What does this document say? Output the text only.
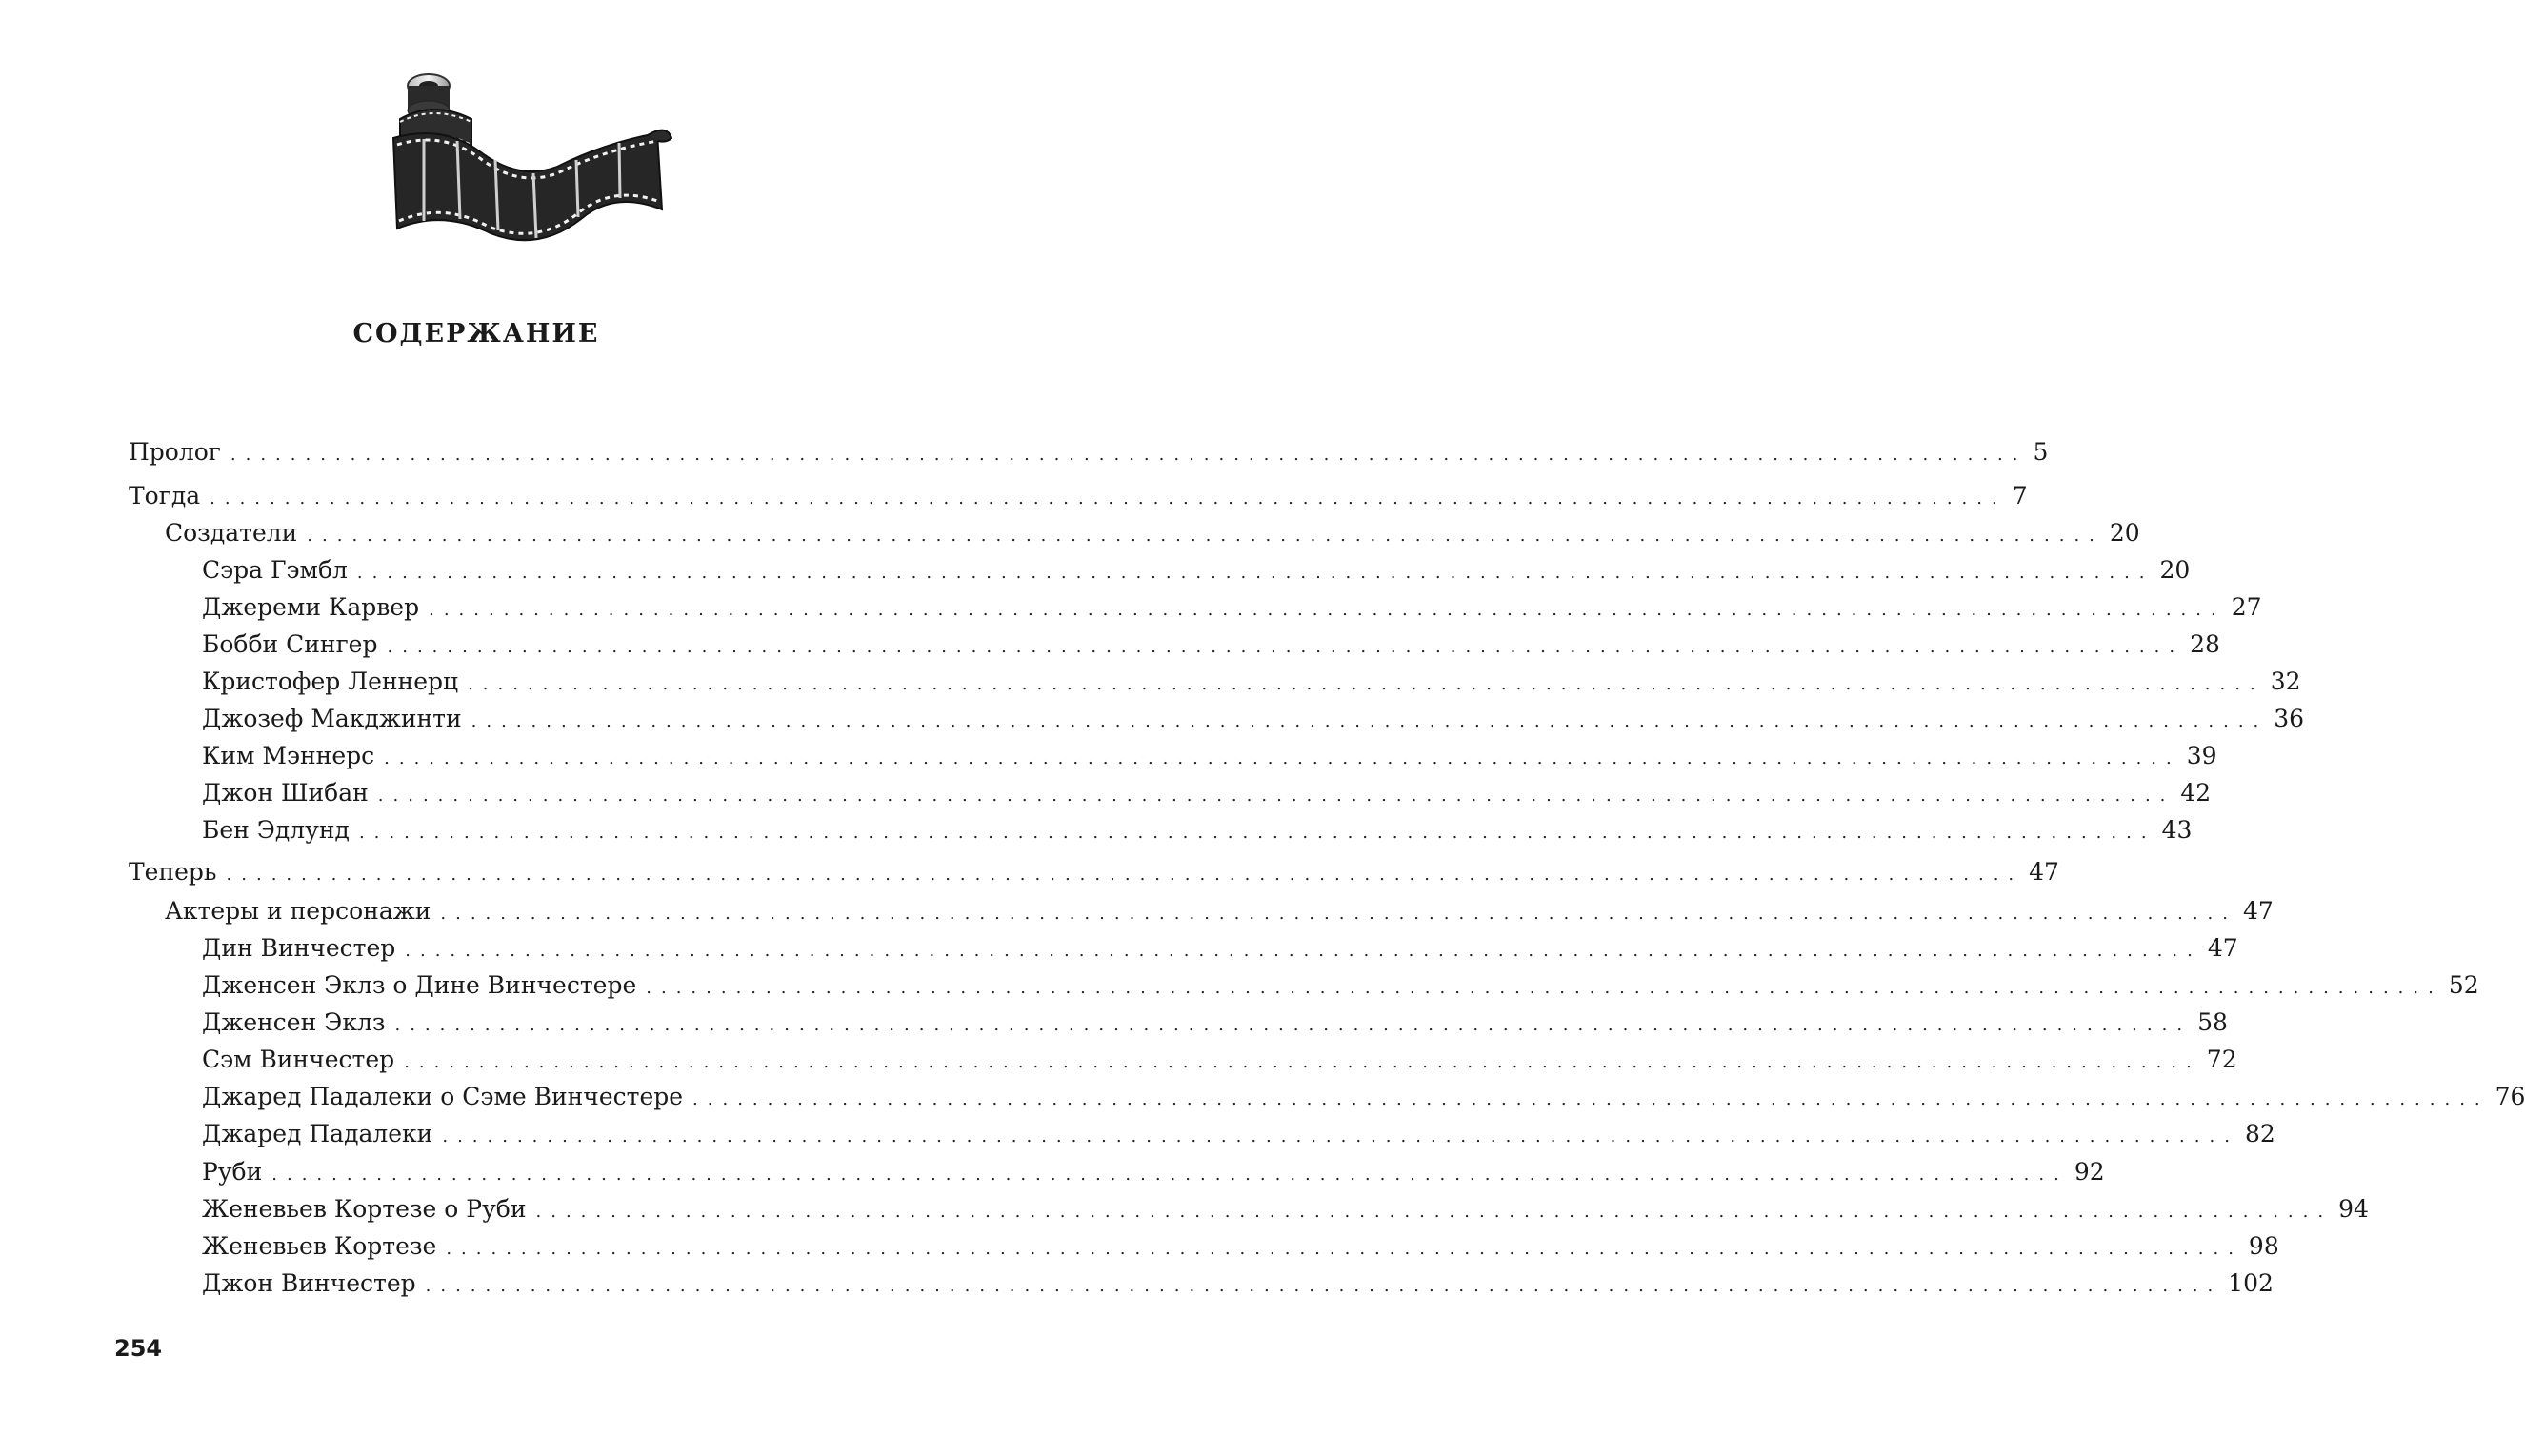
СОДЕРЖАНИЕ
Пролог ........................................................................................................................ 5
Тогда ........................................................................................................................ 7
Создатели ........................................................................................................................ 20
Сэра Гэмбл ........................................................................................................................ 20
Джереми Карвер ........................................................................................................................ 27
Бобби Сингер ........................................................................................................................ 28
Кристофер Леннерц ........................................................................................................................ 32
Джозеф Макджинти ........................................................................................................................ 36
Ким Мэннерс ........................................................................................................................ 39
Джон Шибан ........................................................................................................................ 42
Бен Эдлунд ........................................................................................................................ 43
Теперь ........................................................................................................................ 47
Актеры и персонажи ........................................................................................................................ 47
Дин Винчестер ........................................................................................................................ 47
Дженсен Эклз о Дине Винчестере ........................................................................................................................ 52
Дженсен Эклз ........................................................................................................................ 58
Сэм Винчестер ........................................................................................................................ 72
Джаред Падалеки о Сэме Винчестере ........................................................................................................................ 76
Джаред Падалеки ........................................................................................................................ 82
Руби ........................................................................................................................ 92
Женевьев Кортезе о Руби ........................................................................................................................ 94
Женевьев Кортезе ........................................................................................................................ 98
Джон Винчестер ........................................................................................................................ 102
254
